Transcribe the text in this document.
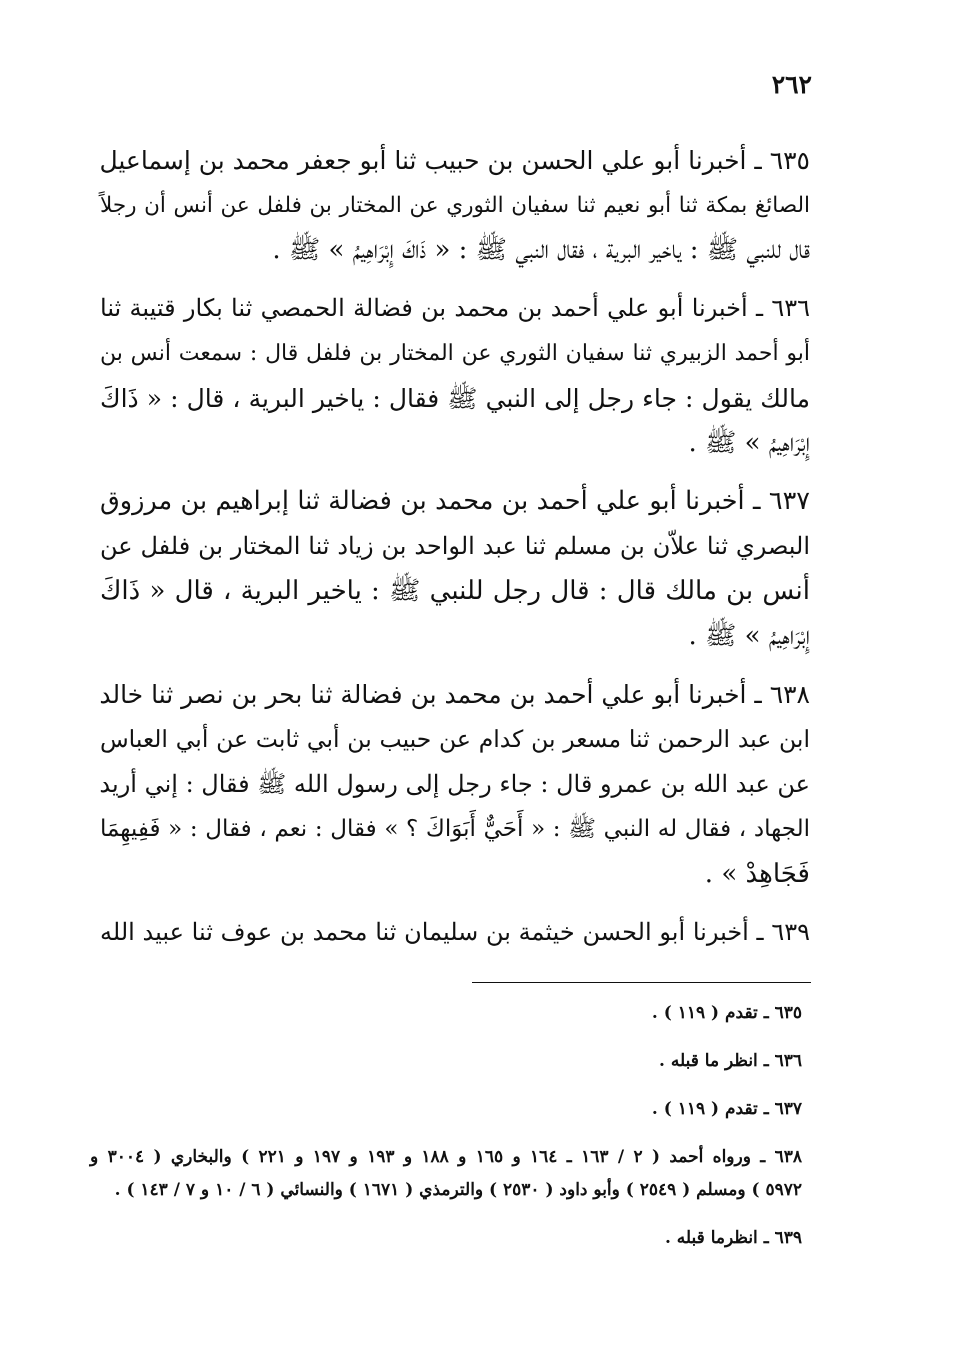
٢٦٢
٦٣٥ ـ أخبرنا أبو علي الحسن بن حبيب ثنا أبو جعفر محمد بن إسماعيل
الصائغ بمكة ثنا أبو نعيم ثنا سفيان الثوري عن المختار بن فلفل عن أنس أن رجلاً
قال للنبي ﷺ : ياخير البرية ، فقال النبي ﷺ : « ذَاكَ إِبْرَاهِيمُ » ﷺ .
٦٣٦ ـ أخبرنا أبو علي أحمد بن محمد بن فضالة الحمصي ثنا بكار قتيبة ثنا
أبو أحمد الزبيري ثنا سفيان الثوري عن المختار بن فلفل قال : سمعت أنس بن
مالك يقول : جاء رجل إلى النبي ﷺ فقال : ياخير البرية ، قال : « ذَاكَ
إِبْرَاهِيمُ » ﷺ .
٦٣٧ ـ أخبرنا أبو علي أحمد بن محمد بن فضالة ثنا إبراهيم بن مرزوق
البصري ثنا علاّن بن مسلم ثنا عبد الواحد بن زياد ثنا المختار بن فلفل عن
أنس بن مالك قال : قال رجل للنبي ﷺ : ياخير البرية ، قال « ذَاكَ
إِبْرَاهِيمُ » ﷺ .
٦٣٨ ـ أخبرنا أبو علي أحمد بن محمد بن فضالة ثنا بحر بن نصر ثنا خالد
ابن عبد الرحمن ثنا مسعر بن كدام عن حبيب بن أبي ثابت عن أبي العباس
عن عبد الله بن عمرو قال : جاء رجل إلى رسول الله ﷺ فقال : إني أريد
الجهاد ، فقال له النبي ﷺ : « أَحَيٌّ أَبَوَاكَ ؟ » فقال : نعم ، فقال : « فَفِيهِمَا
فَجَاهِدْ » .
٦٣٩ ـ أخبرنا أبو الحسن خيثمة بن سليمان ثنا محمد بن عوف ثنا عبيد الله
٦٣٥ ـ تقدم ( ١١٩ ) .
٦٣٦ ـ انظر ما قبله .
٦٣٧ ـ تقدم ( ١١٩ ) .
٦٣٨ ـ ورواه أحمد ( ٢ / ١٦٣ ـ ١٦٤ و ١٦٥ و ١٨٨ و ١٩٣ و ١٩٧ و ٢٢١ ) والبخاري ( ٣٠٠٤ و
٥٩٧٢ ) ومسلم ( ٢٥٤٩ ) وأبو داود ( ٢٥٣٠ ) والترمذي ( ١٦٧١ ) والنسائي ( ٦ / ١٠ و ٧ / ١٤٣ ) .
٦٣٩ ـ انظرما قبله .
